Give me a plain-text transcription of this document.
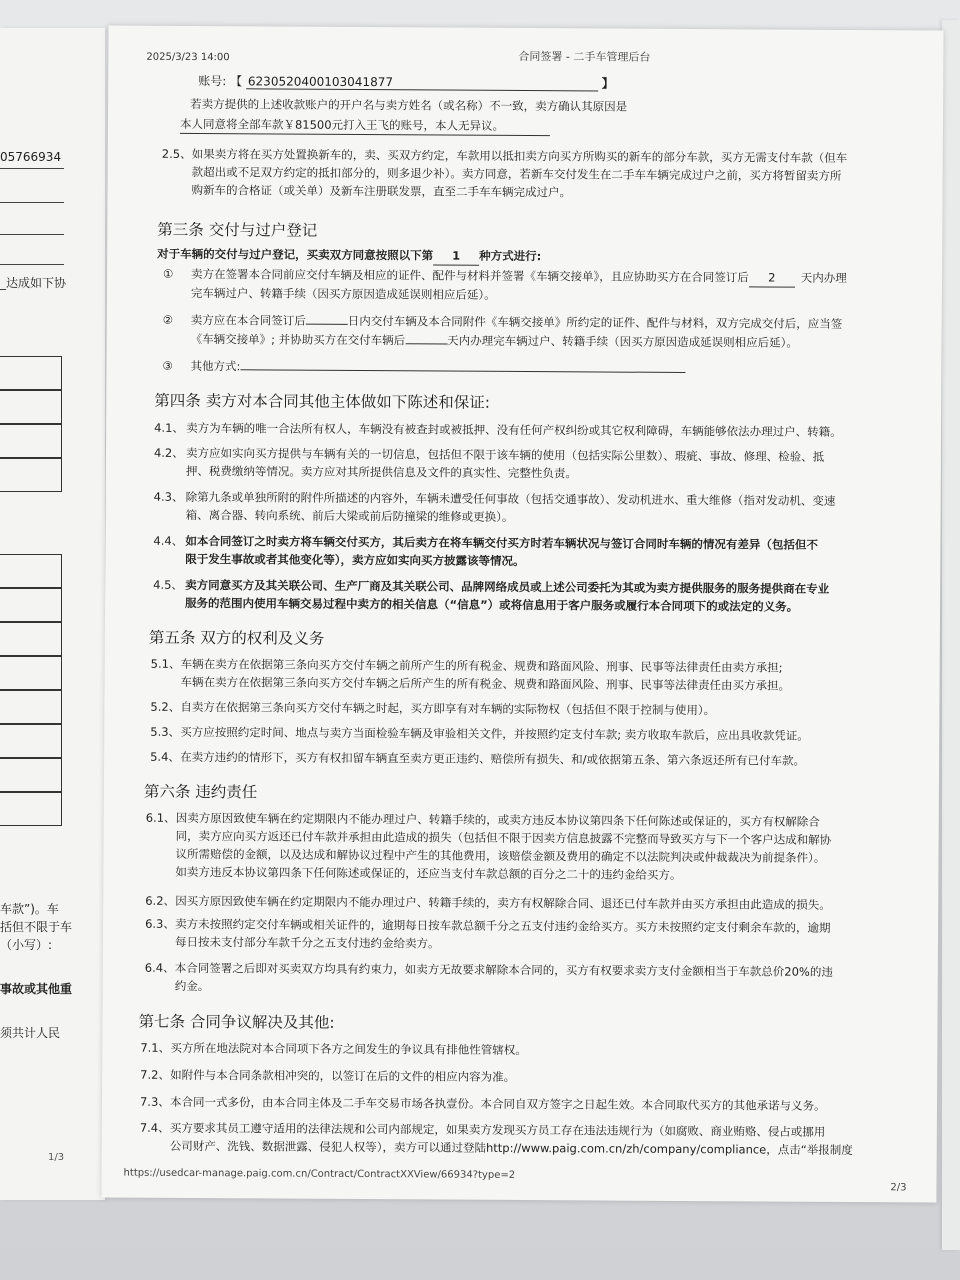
05766934
_达成如下协
车款”)。车
括但不限于车
（小写）:
事故或其他重
须共计人民
1/3
2025/3/23 14:00	合同签署 - 二手车管理后台
账号: 【 6230520400103041877	】
若卖方提供的上述收款账户的开户名与卖方姓名（或名称）不一致，卖方确认其原因是
本人同意将全部车款￥81500元打入王飞的账号，本人无异议。
2.5、 如果卖方将在买方处置换新车的，卖、买双方约定，车款用以抵扣卖方向买方所购买的新车的部分车款，买方无需支付车款（但车
款超出或不足双方约定的抵扣部分的，则多退少补）。卖方同意，若新车交付发生在二手车车辆完成过户之前，买方将暂留卖方所
购新车的合格证（或关单）及新车注册联发票，直至二手车车辆完成过户。
第三条 交付与过户登记
对于车辆的交付与过户登记，买卖双方同意按照以下第 1 种方式进行:
① 卖方在签署本合同前应交付车辆及相应的证件、配件与材料并签署《车辆交接单》，且应协助买方在合同签订后 2 天内办理
完车辆过户、转籍手续（因买方原因造成延误则相应后延）。
② 卖方应在本合同签订后	日内交付车辆及本合同附件《车辆交接单》所约定的证件、配件与材料，双方完成交付后，应当签
《车辆交接单》; 并协助买方在交付车辆后	天内办理完车辆过户、转籍手续（因买方原因造成延误则相应后延）。
③ 其他方式:
第四条 卖方对本合同其他主体做如下陈述和保证:
4.1、 卖方为车辆的唯一合法所有权人，车辆没有被查封或被抵押、没有任何产权纠纷或其它权利障碍，车辆能够依法办理过户、转籍。
4.2、 卖方应如实向买方提供与车辆有关的一切信息，包括但不限于该车辆的使用（包括实际公里数）、瑕疵、事故、修理、检验、抵
押、税费缴纳等情况。卖方应对其所提供信息及文件的真实性、完整性负责。
4.3、 除第九条或单独所附的附件所描述的内容外，车辆未遭受任何事故（包括交通事故）、发动机进水、重大维修（指对发动机、变速
箱、离合器、转向系统、前后大梁或前后防撞梁的维修或更换）。
4.4、 如本合同签订之时卖方将车辆交付买方，其后卖方在将车辆交付买方时若车辆状况与签订合同时车辆的情况有差异（包括但不
限于发生事故或者其他变化等），卖方应如实向买方披露该等情况。
4.5、 卖方同意买方及其关联公司、生产厂商及其关联公司、品牌网络成员或上述公司委托为其或为卖方提供服务的服务提供商在专业
服务的范围内使用车辆交易过程中卖方的相关信息（“信息”）或将信息用于客户服务或履行本合同项下的或法定的义务。
第五条 双方的权利及义务
5.1、 车辆在卖方在依据第三条向买方交付车辆之前所产生的所有税金、规费和路面风险、刑事、民事等法律责任由卖方承担;
车辆在卖方在依据第三条向买方交付车辆之后所产生的所有税金、规费和路面风险、刑事、民事等法律责任由买方承担。
5.2、 自卖方在依据第三条向买方交付车辆之时起，买方即享有对车辆的实际物权（包括但不限于控制与使用）。
5.3、 买方应按照约定时间、地点与卖方当面检验车辆及审验相关文件，并按照约定支付车款; 卖方收取车款后，应出具收款凭证。
5.4、 在卖方违约的情形下，买方有权扣留车辆直至卖方更正违约、赔偿所有损失、和/或依据第五条、第六条返还所有已付车款。
第六条 违约责任
6.1、 因卖方原因致使车辆在约定期限内不能办理过户、转籍手续的，或卖方违反本协议第四条下任何陈述或保证的，买方有权解除合
同，卖方应向买方返还已付车款并承担由此造成的损失（包括但不限于因卖方信息披露不完整而导致买方与下一个客户达成和解协
议所需赔偿的金额，以及达成和解协议过程中产生的其他费用，该赔偿金额及费用的确定不以法院判决或仲裁裁决为前提条件）。
如卖方违反本协议第四条下任何陈述或保证的，还应当支付车款总额的百分之二十的违约金给买方。
6.2、 因买方原因致使车辆在约定期限内不能办理过户、转籍手续的，卖方有权解除合同、退还已付车款并由买方承担由此造成的损失。
6.3、 卖方未按照约定交付车辆或相关证件的，逾期每日按车款总额千分之五支付违约金给买方。买方未按照约定支付剩余车款的，逾期
每日按未支付部分车款千分之五支付违约金给卖方。
6.4、 本合同签署之后即对买卖双方均具有约束力，如卖方无故要求解除本合同的，买方有权要求卖方支付金额相当于车款总价20%的违
约金。
第七条 合同争议解决及其他:
7.1、 买方所在地法院对本合同项下各方之间发生的争议具有排他性管辖权。
7.2、 如附件与本合同条款相冲突的，以签订在后的文件的相应内容为准。
7.3、 本合同一式多份，由本合同主体及二手车交易市场各执壹份。本合同自双方签字之日起生效。本合同取代买方的其他承诺与义务。
7.4、 买方要求其员工遵守适用的法律法规和公司内部规定，如果卖方发现买方员工存在违法违规行为（如腐败、商业贿赂、侵占或挪用
公司财产、洗钱、数据泄露、侵犯人权等），卖方可以通过登陆http://www.paig.com.cn/zh/company/compliance，点击“举报制度
https://usedcar-manage.paig.com.cn/Contract/ContractXXView/66934?type=2
2/3
